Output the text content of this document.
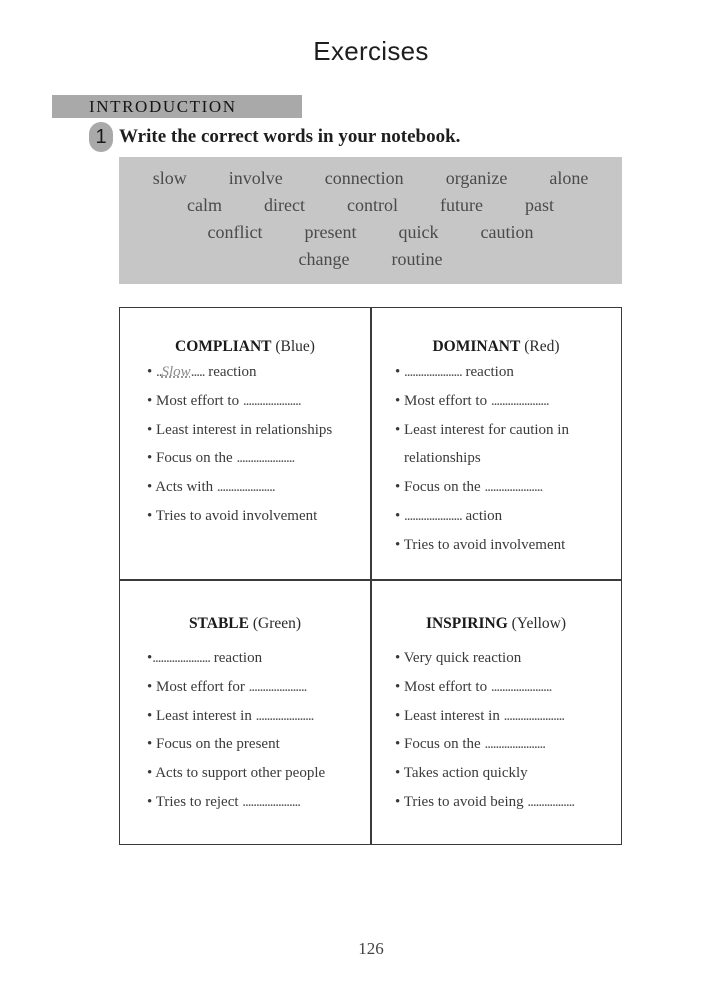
Exercises
INTRODUCTION
1 Write the correct words in your notebook.
slow involve connection organize alone
calm direct control future past
conflict present quick caution
change routine
COMPLIANT (Blue)
• ..Slow..... reaction
• Most effort to .....................
• Least interest in relationships
• Focus on the .....................
• Acts with .....................
• Tries to avoid involvement
DOMINANT (Red)
• ..................... reaction
• Most effort to .....................
• Least interest for caution in
relationships
• Focus on the .....................
• ..................... action
• Tries to avoid involvement
STABLE (Green)
•..................... reaction
• Most effort for .....................
• Least interest in .....................
• Focus on the present
• Acts to support other people
• Tries to reject .....................
INSPIRING (Yellow)
• Very quick reaction
• Most effort to ......................
• Least interest in ......................
• Focus on the ......................
• Takes action quickly
• Tries to avoid being .................
126
